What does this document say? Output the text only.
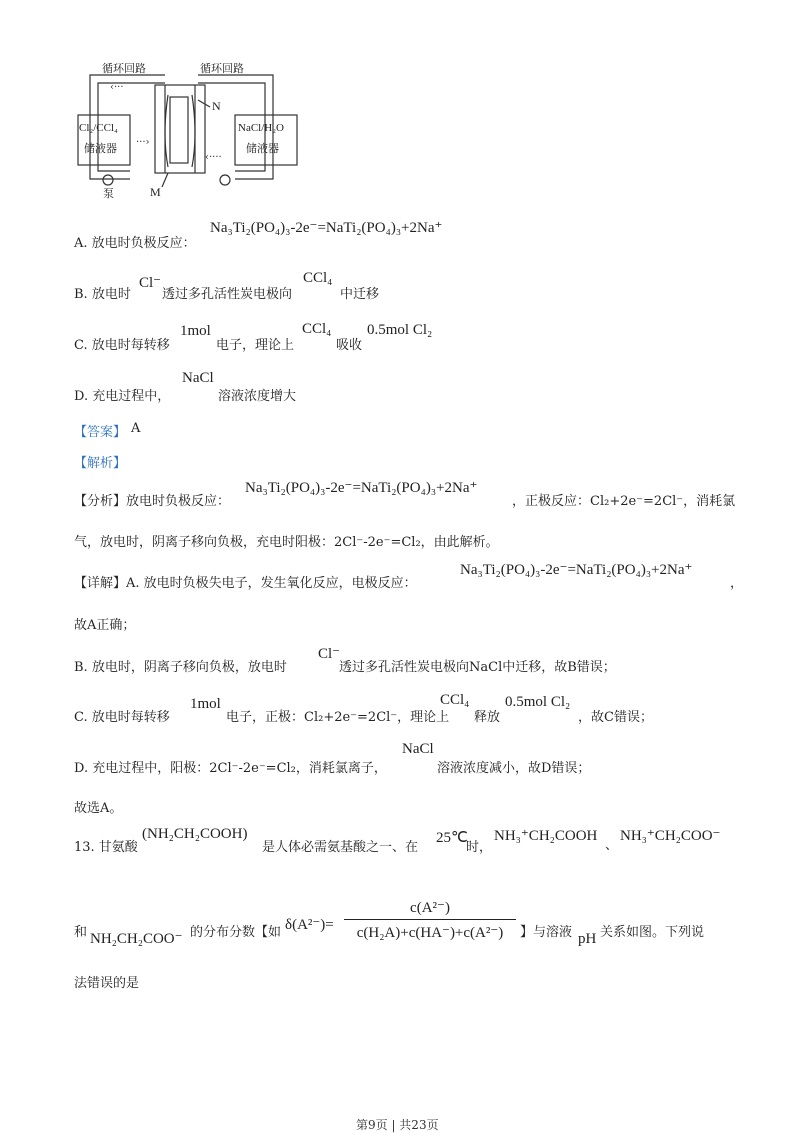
···›
‹····
‹···
循环回路	循环回路
Cl₂/CCl₄
储液器
NaCl/H₂O
储液器
N
M
泵
A. 放电时负极反应：
Na₃Ti₂(PO₄)₃-2e⁻=NaTi₂(PO₄)₃+2Na⁺
B. 放电时
Cl⁻
透过多孔活性炭电极向
CCl₄
中迁移
C. 放电时每转移
1mol
电子，理论上
CCl₄
吸收
0.5mol Cl₂
D. 充电过程中，
NaCl
溶液浓度增大
【答案】 A
【解析】
【分析】放电时负极反应：
Na₃Ti₂(PO₄)₃-2e⁻=NaTi₂(PO₄)₃+2Na⁺
，正极反应：Cl₂+2e⁻=2Cl⁻，消耗氯
气，放电时，阴离子移向负极，充电时阳极：2Cl⁻-2e⁻=Cl₂，由此解析。
【详解】A. 放电时负极失电子，发生氧化反应，电极反应：
Na₃Ti₂(PO₄)₃-2e⁻=NaTi₂(PO₄)₃+2Na⁺
，
故A正确；
B. 放电时，阴离子移向负极，放电时
Cl⁻
透过多孔活性炭电极向NaCl中迁移，故B错误；
C. 放电时每转移
1mol
电子，正极：Cl₂+2e⁻=2Cl⁻，理论上
CCl₄
释放
0.5mol Cl₂
，故C错误；
D. 充电过程中，阳极：2Cl⁻-2e⁻=Cl₂，消耗氯离子，
NaCl
溶液浓度减小，故D错误；
故选A。
13. 甘氨酸
(NH₂CH₂COOH)
是人体必需氨基酸之一、在
25℃
时，
NH₃⁺CH₂COOH
、
NH₃⁺CH₂COO⁻
和 NH₂CH₂COO⁻ 的分布分数【如 $\delta(A^{2-})= \frac{\text{c(A²⁻)}}{\text{c(H₂A)+c(HA⁻)+c(A²⁻)}}$ 】与溶液 pH 关系如图。下列说
法错误的是
第9页 | 共23页
